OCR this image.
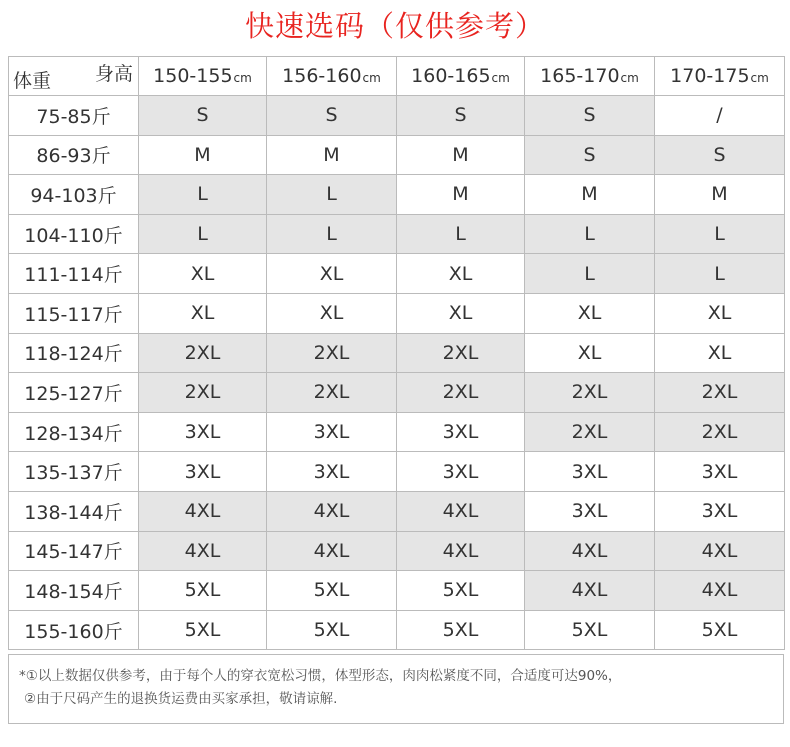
快速选码（仅供参考）
身高
体重	150-155cm	156-160cm	160-165cm	165-170cm	170-175cm
75-85斤	S	S	S	S	/
86-93斤	M	M	M	S	S
94-103斤	L	L	M	M	M
104-110斤	L	L	L	L	L
111-114斤	XL	XL	XL	L	L
115-117斤	XL	XL	XL	XL	XL
118-124斤	2XL	2XL	2XL	XL	XL
125-127斤	2XL	2XL	2XL	2XL	2XL
128-134斤	3XL	3XL	3XL	2XL	2XL
135-137斤	3XL	3XL	3XL	3XL	3XL
138-144斤	4XL	4XL	4XL	3XL	3XL
145-147斤	4XL	4XL	4XL	4XL	4XL
148-154斤	5XL	5XL	5XL	4XL	4XL
155-160斤	5XL	5XL	5XL	5XL	5XL
*①以上数据仅供参考，由于每个人的穿衣宽松习惯，体型形态，肉肉松紧度不同，合适度可达90%，
②由于尺码产生的退换货运费由买家承担，敬请谅解.
